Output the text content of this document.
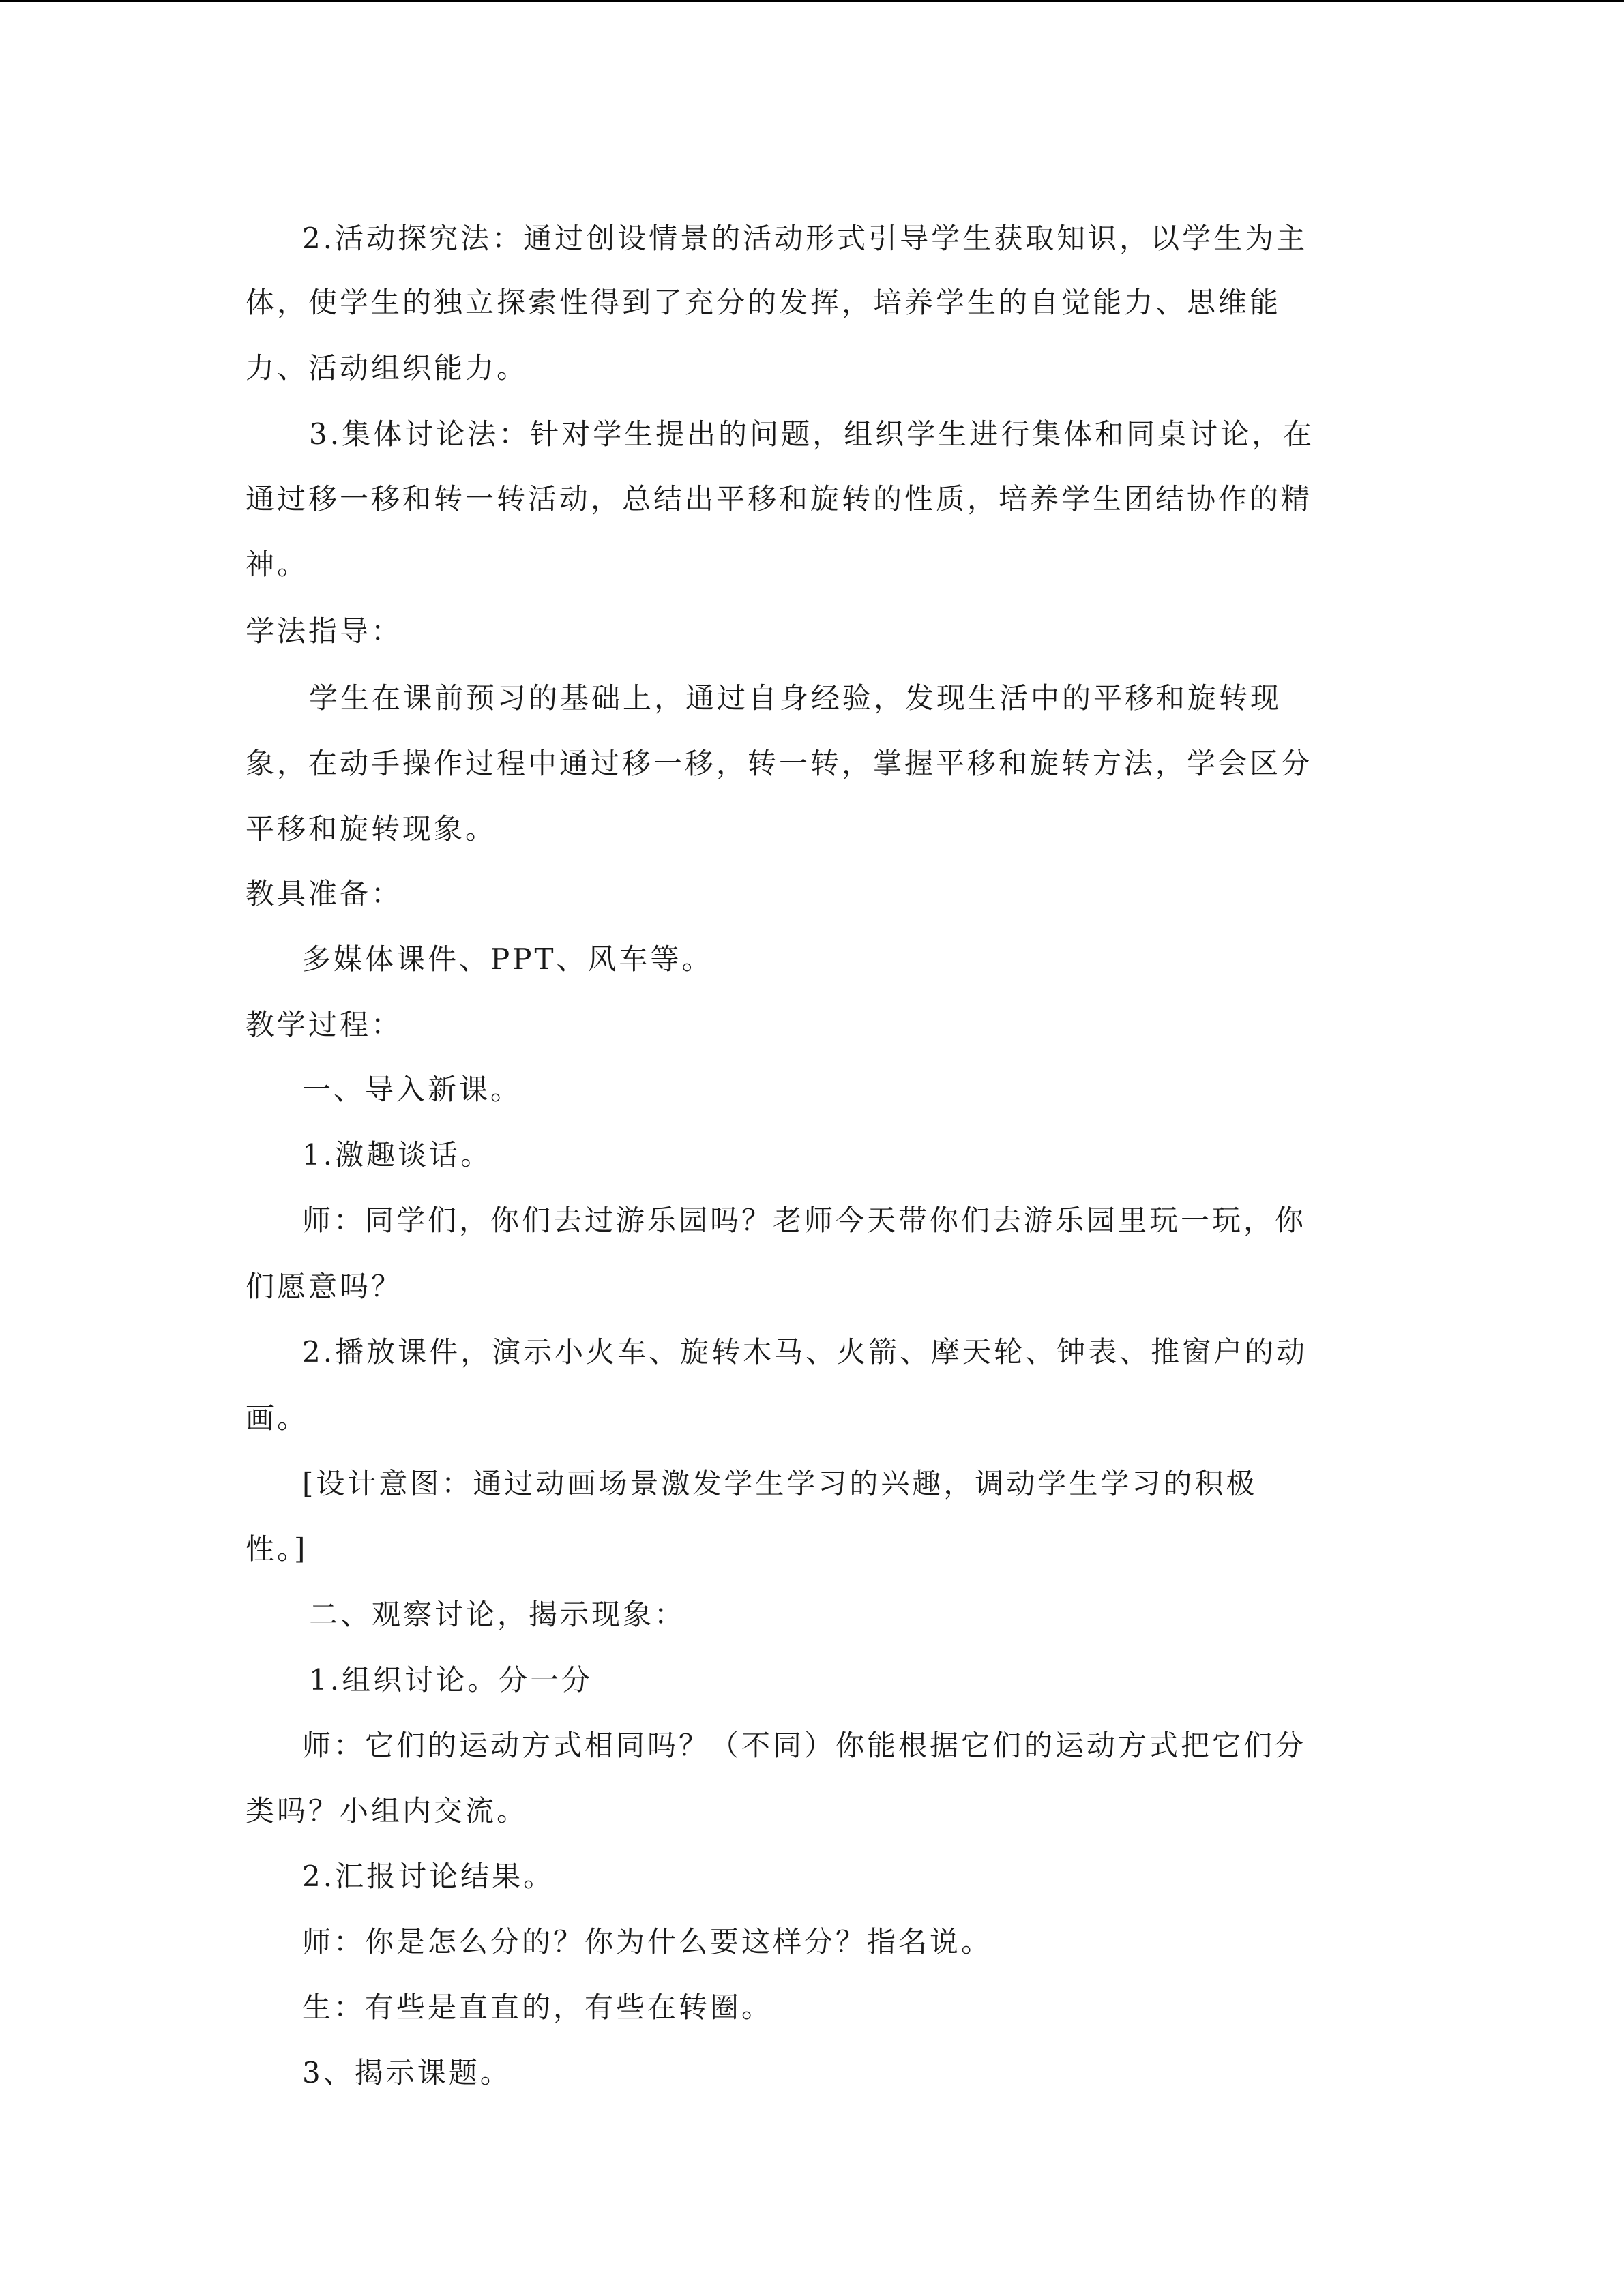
2.活动探究法：通过创设情景的活动形式引导学生获取知识，以学生为主
体，使学生的独立探索性得到了充分的发挥，培养学生的自觉能力、思维能
力、活动组织能力。
3.集体讨论法：针对学生提出的问题，组织学生进行集体和同桌讨论，在
通过移一移和转一转活动，总结出平移和旋转的性质，培养学生团结协作的精
神。
学法指导：
学生在课前预习的基础上，通过自身经验，发现生活中的平移和旋转现
象，在动手操作过程中通过移一移，转一转，掌握平移和旋转方法，学会区分
平移和旋转现象。
教具准备：
多媒体课件、PPT、风车等。
教学过程：
一、导入新课。
1.激趣谈话。
师：同学们，你们去过游乐园吗？老师今天带你们去游乐园里玩一玩，你
们愿意吗？
2.播放课件，演示小火车、旋转木马、火箭、摩天轮、钟表、推窗户的动
画。
[设计意图：通过动画场景激发学生学习的兴趣，调动学生学习的积极
性。]
二、观察讨论，揭示现象：
1.组织讨论。分一分
师：它们的运动方式相同吗？（不同）你能根据它们的运动方式把它们分
类吗？小组内交流。
2.汇报讨论结果。
师：你是怎么分的？你为什么要这样分？指名说。
生：有些是直直的，有些在转圈。
3、揭示课题。
